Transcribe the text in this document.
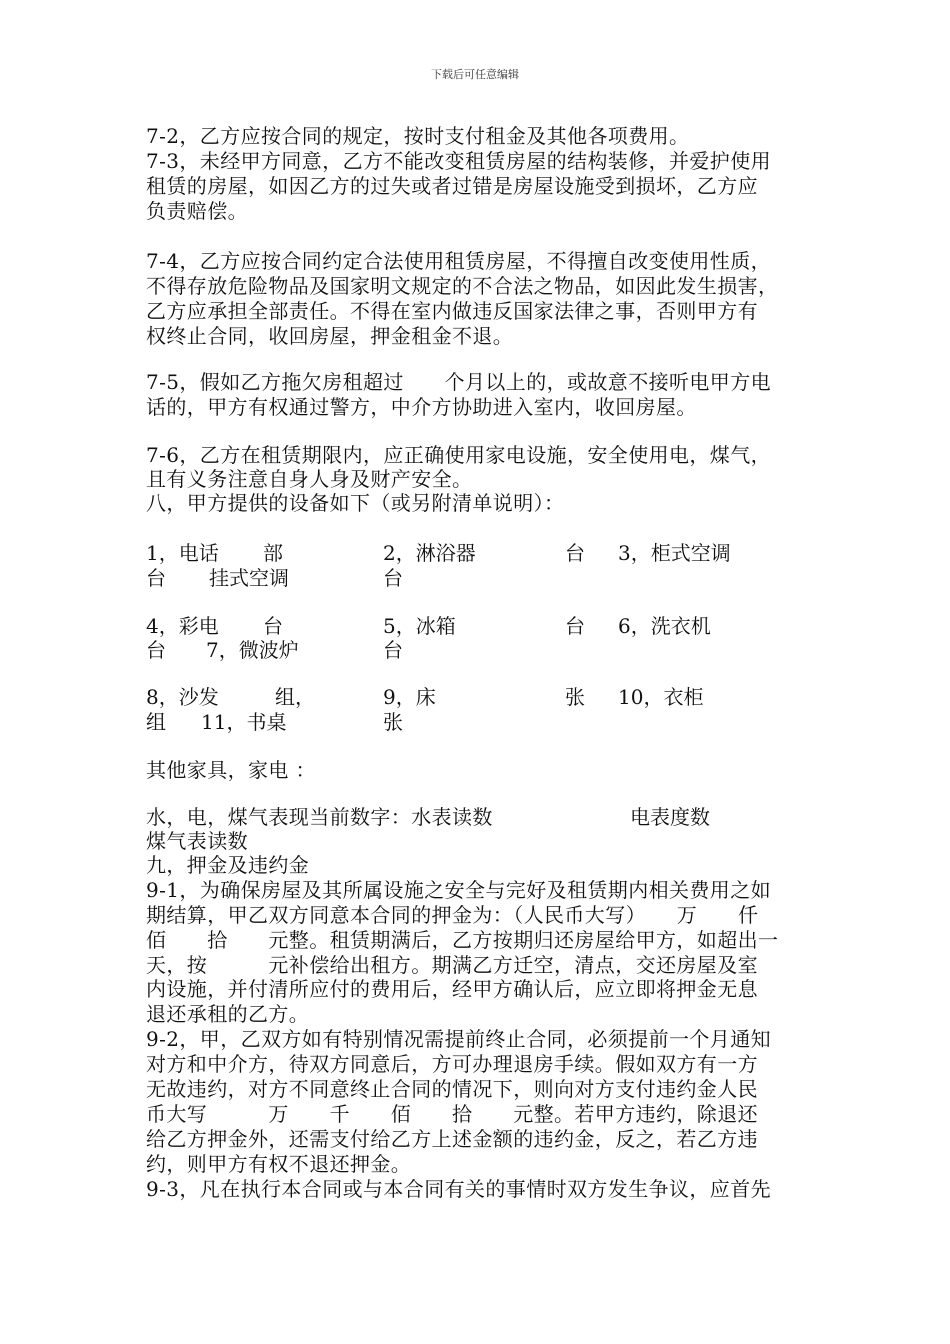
下载后可任意编辑
7-2，乙方应按合同的规定，按时支付租金及其他各项费用。
7-3，未经甲方同意，乙方不能改变租赁房屋的结构装修，并爱护使用
租赁的房屋，如因乙方的过失或者过错是房屋设施受到损坏，乙方应
负责赔偿。
7-4，乙方应按合同约定合法使用租赁房屋，不得擅自改变使用性质，
不得存放危险物品及国家明文规定的不合法之物品，如因此发生损害，
乙方应承担全部责任。不得在室内做违反国家法律之事，否则甲方有
权终止合同，收回房屋，押金租金不退。
7-5，假如乙方拖欠房租超过　　个月以上的，或故意不接听电甲方电
话的，甲方有权通过警方，中介方协助进入室内，收回房屋。
7-6，乙方在租赁期限内，应正确使用家电设施，安全使用电，煤气，
且有义务注意自身人身及财产安全。
八，甲方提供的设备如下（或另附清单说明）：
1，电话 部	2，淋浴器	台 3，柜式空调
台 挂式空调	台
4，彩电 台	5，冰箱	台 6，洗衣机
台 7，微波炉	台
8，沙发	组，	9，床	张 10，衣柜
组 11，书桌	张
其他家具，家电 ：
水，电，煤气表现当前数字：水表读数	电表度数
煤气表读数
九，押金及违约金
9-1，为确保房屋及其所属设施之安全与完好及租赁期内相关费用之如
期结算，甲乙双方同意本合同的押金为：（人民币大写）　　万　　仟
佰　　拾　　元整。租赁期满后，乙方按期归还房屋给甲方，如超出一
天，按　　　元补偿给出租方。期满乙方迁空，清点，交还房屋及室
内设施，并付清所应付的费用后，经甲方确认后，应立即将押金无息
退还承租的乙方。
9-2，甲，乙双方如有特别情况需提前终止合同，必须提前一个月通知
对方和中介方，待双方同意后，方可办理退房手续。假如双方有一方
无故违约，对方不同意终止合同的情况下，则向对方支付违约金人民
币大写　　　万　　千　　佰　　拾　　元整。若甲方违约，除退还
给乙方押金外，还需支付给乙方上述金额的违约金，反之，若乙方违
约，则甲方有权不退还押金。
9-3，凡在执行本合同或与本合同有关的事情时双方发生争议，应首先
